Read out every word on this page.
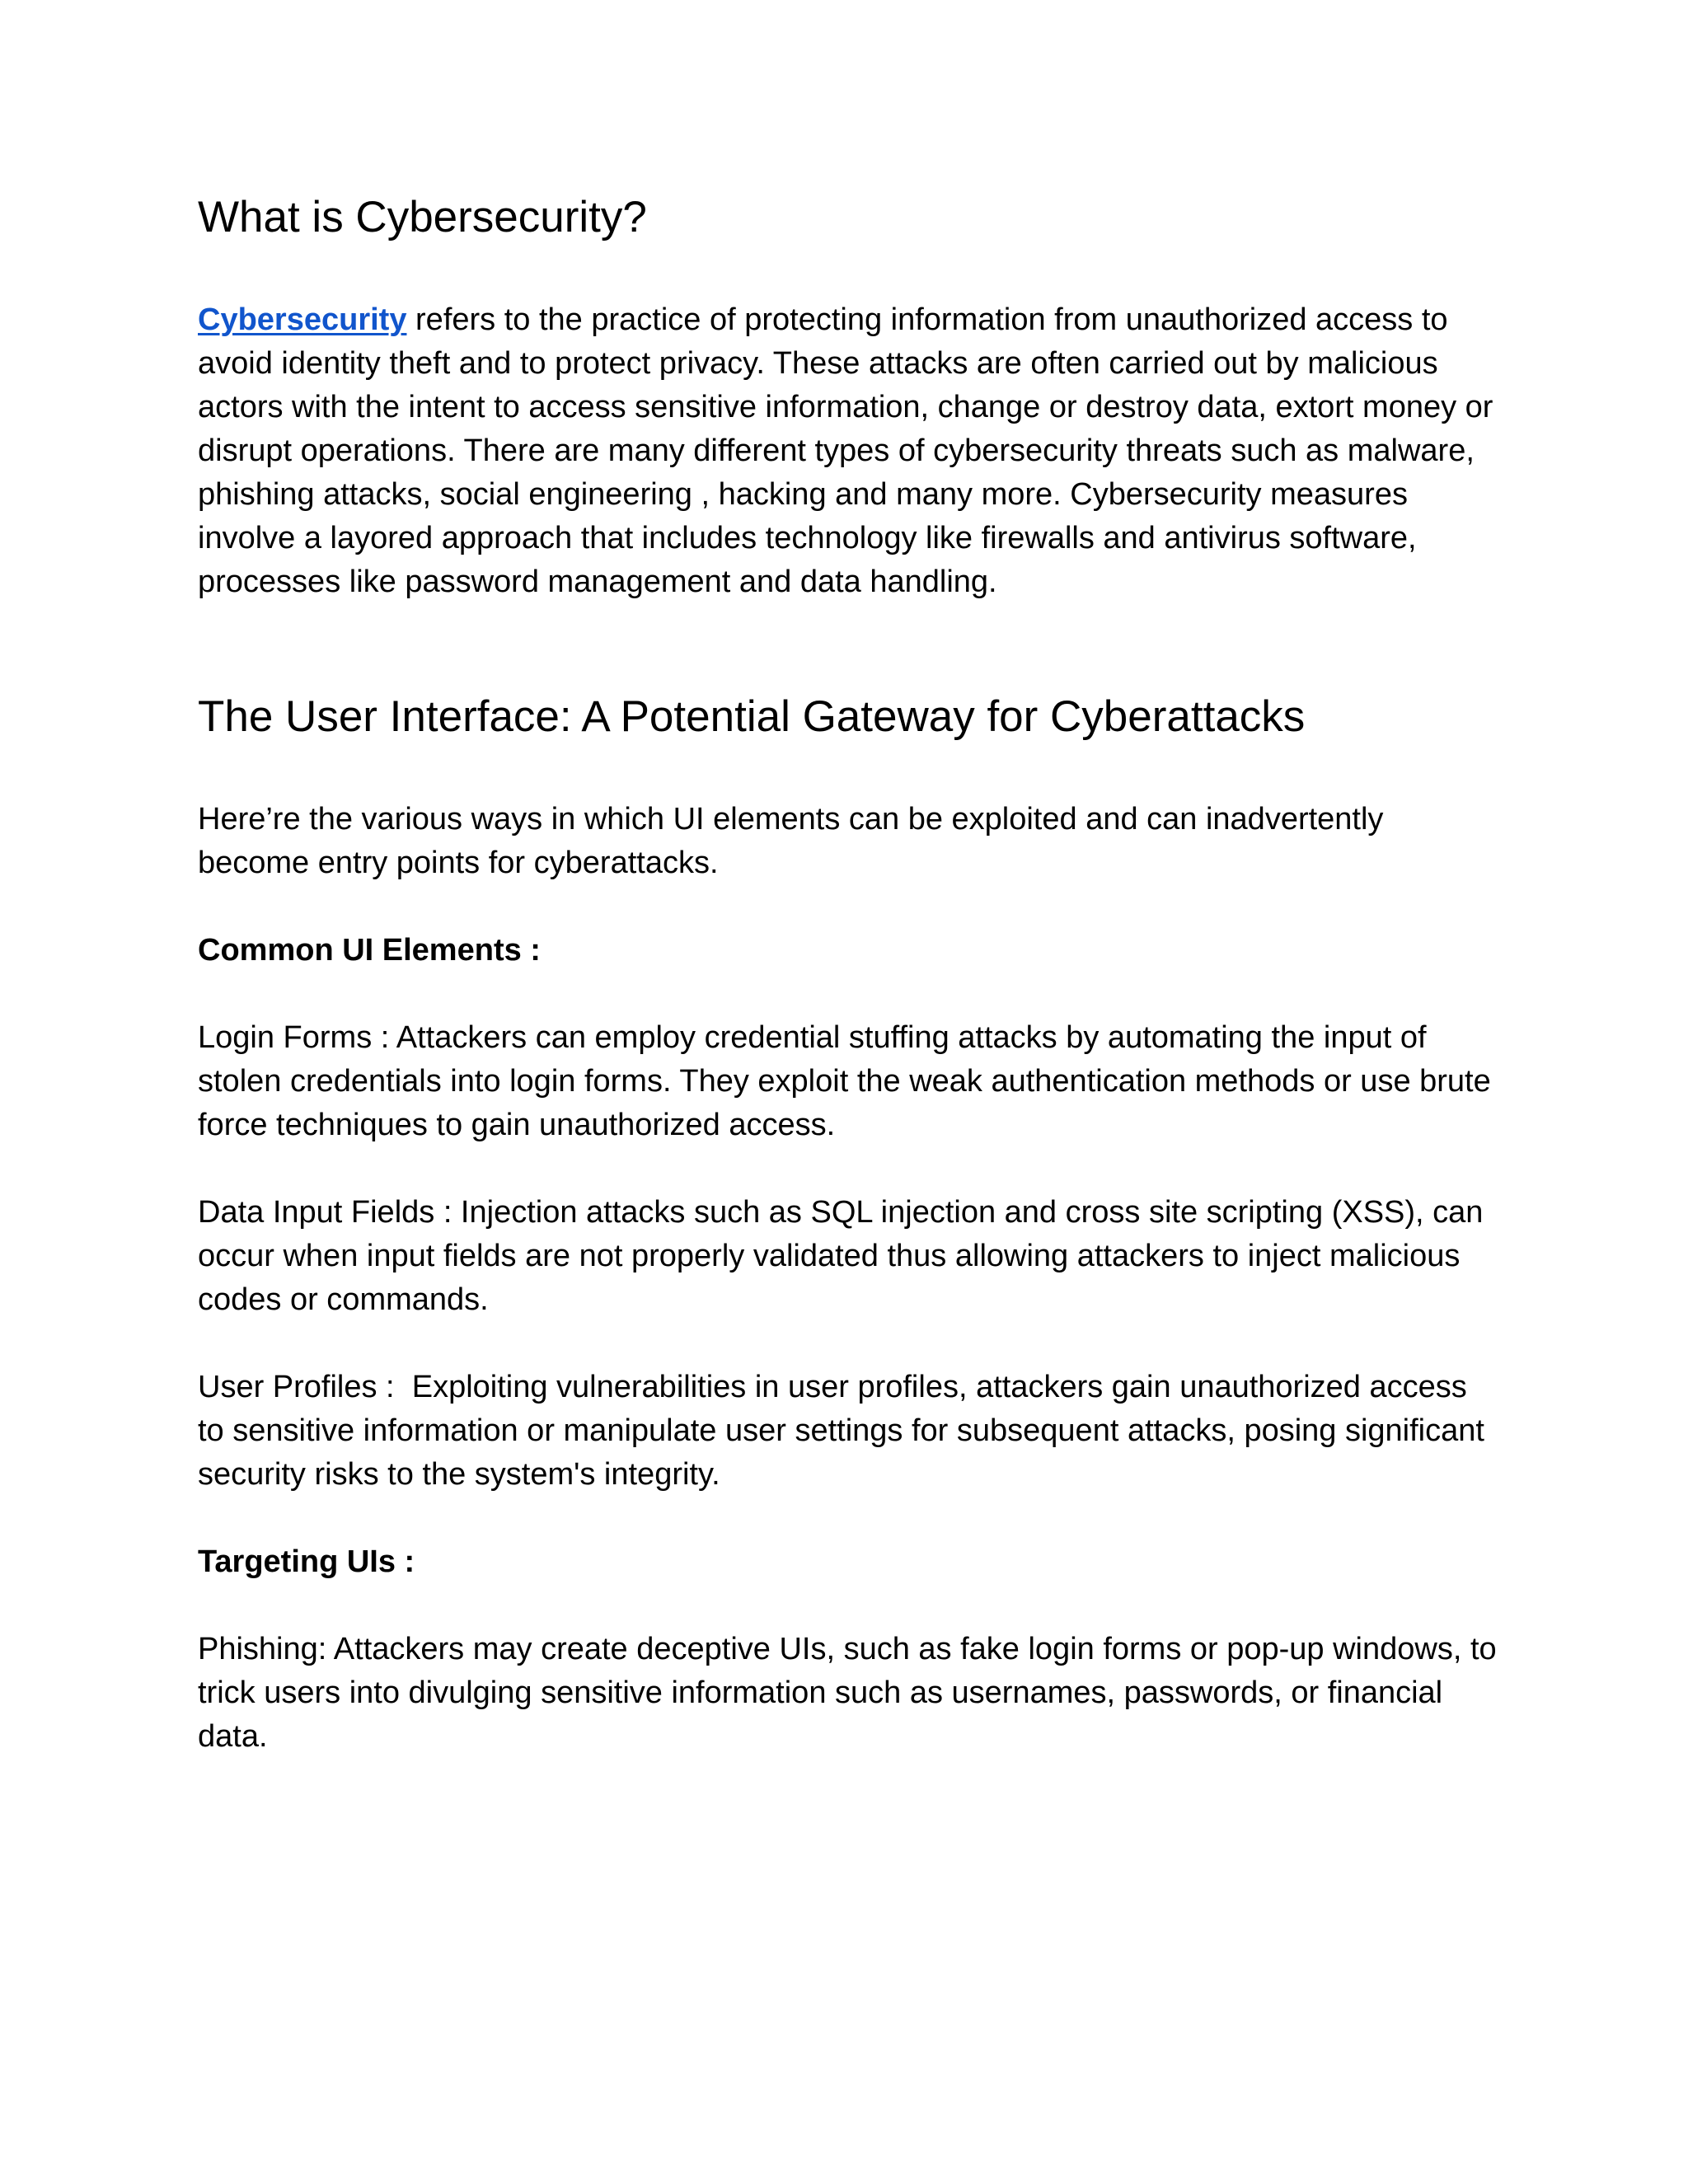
What is Cybersecurity?

Cybersecurity refers to the practice of protecting information from unauthorized access to avoid identity theft and to protect privacy. These attacks are often carried out by malicious actors with the intent to access sensitive information, change or destroy data, extort money or disrupt operations. There are many different types of cybersecurity threats such as malware, phishing attacks, social engineering , hacking and many more. Cybersecurity measures involve a layored approach that includes technology like firewalls and antivirus software, processes like password management and data handling.

The User Interface: A Potential Gateway for Cyberattacks

Here’re the various ways in which UI elements can be exploited and can inadvertently become entry points for cyberattacks.

Common UI Elements :

Login Forms : Attackers can employ credential stuffing attacks by automating the input of stolen credentials into login forms. They exploit the weak authentication methods or use brute force techniques to gain unauthorized access.

Data Input Fields : Injection attacks such as SQL injection and cross site scripting (XSS), can occur when input fields are not properly validated thus allowing attackers to inject malicious codes or commands.

User Profiles :  Exploiting vulnerabilities in user profiles, attackers gain unauthorized access to sensitive information or manipulate user settings for subsequent attacks, posing significant security risks to the system's integrity.

Targeting UIs :

Phishing: Attackers may create deceptive UIs, such as fake login forms or pop-up windows, to trick users into divulging sensitive information such as usernames, passwords, or financial data.
